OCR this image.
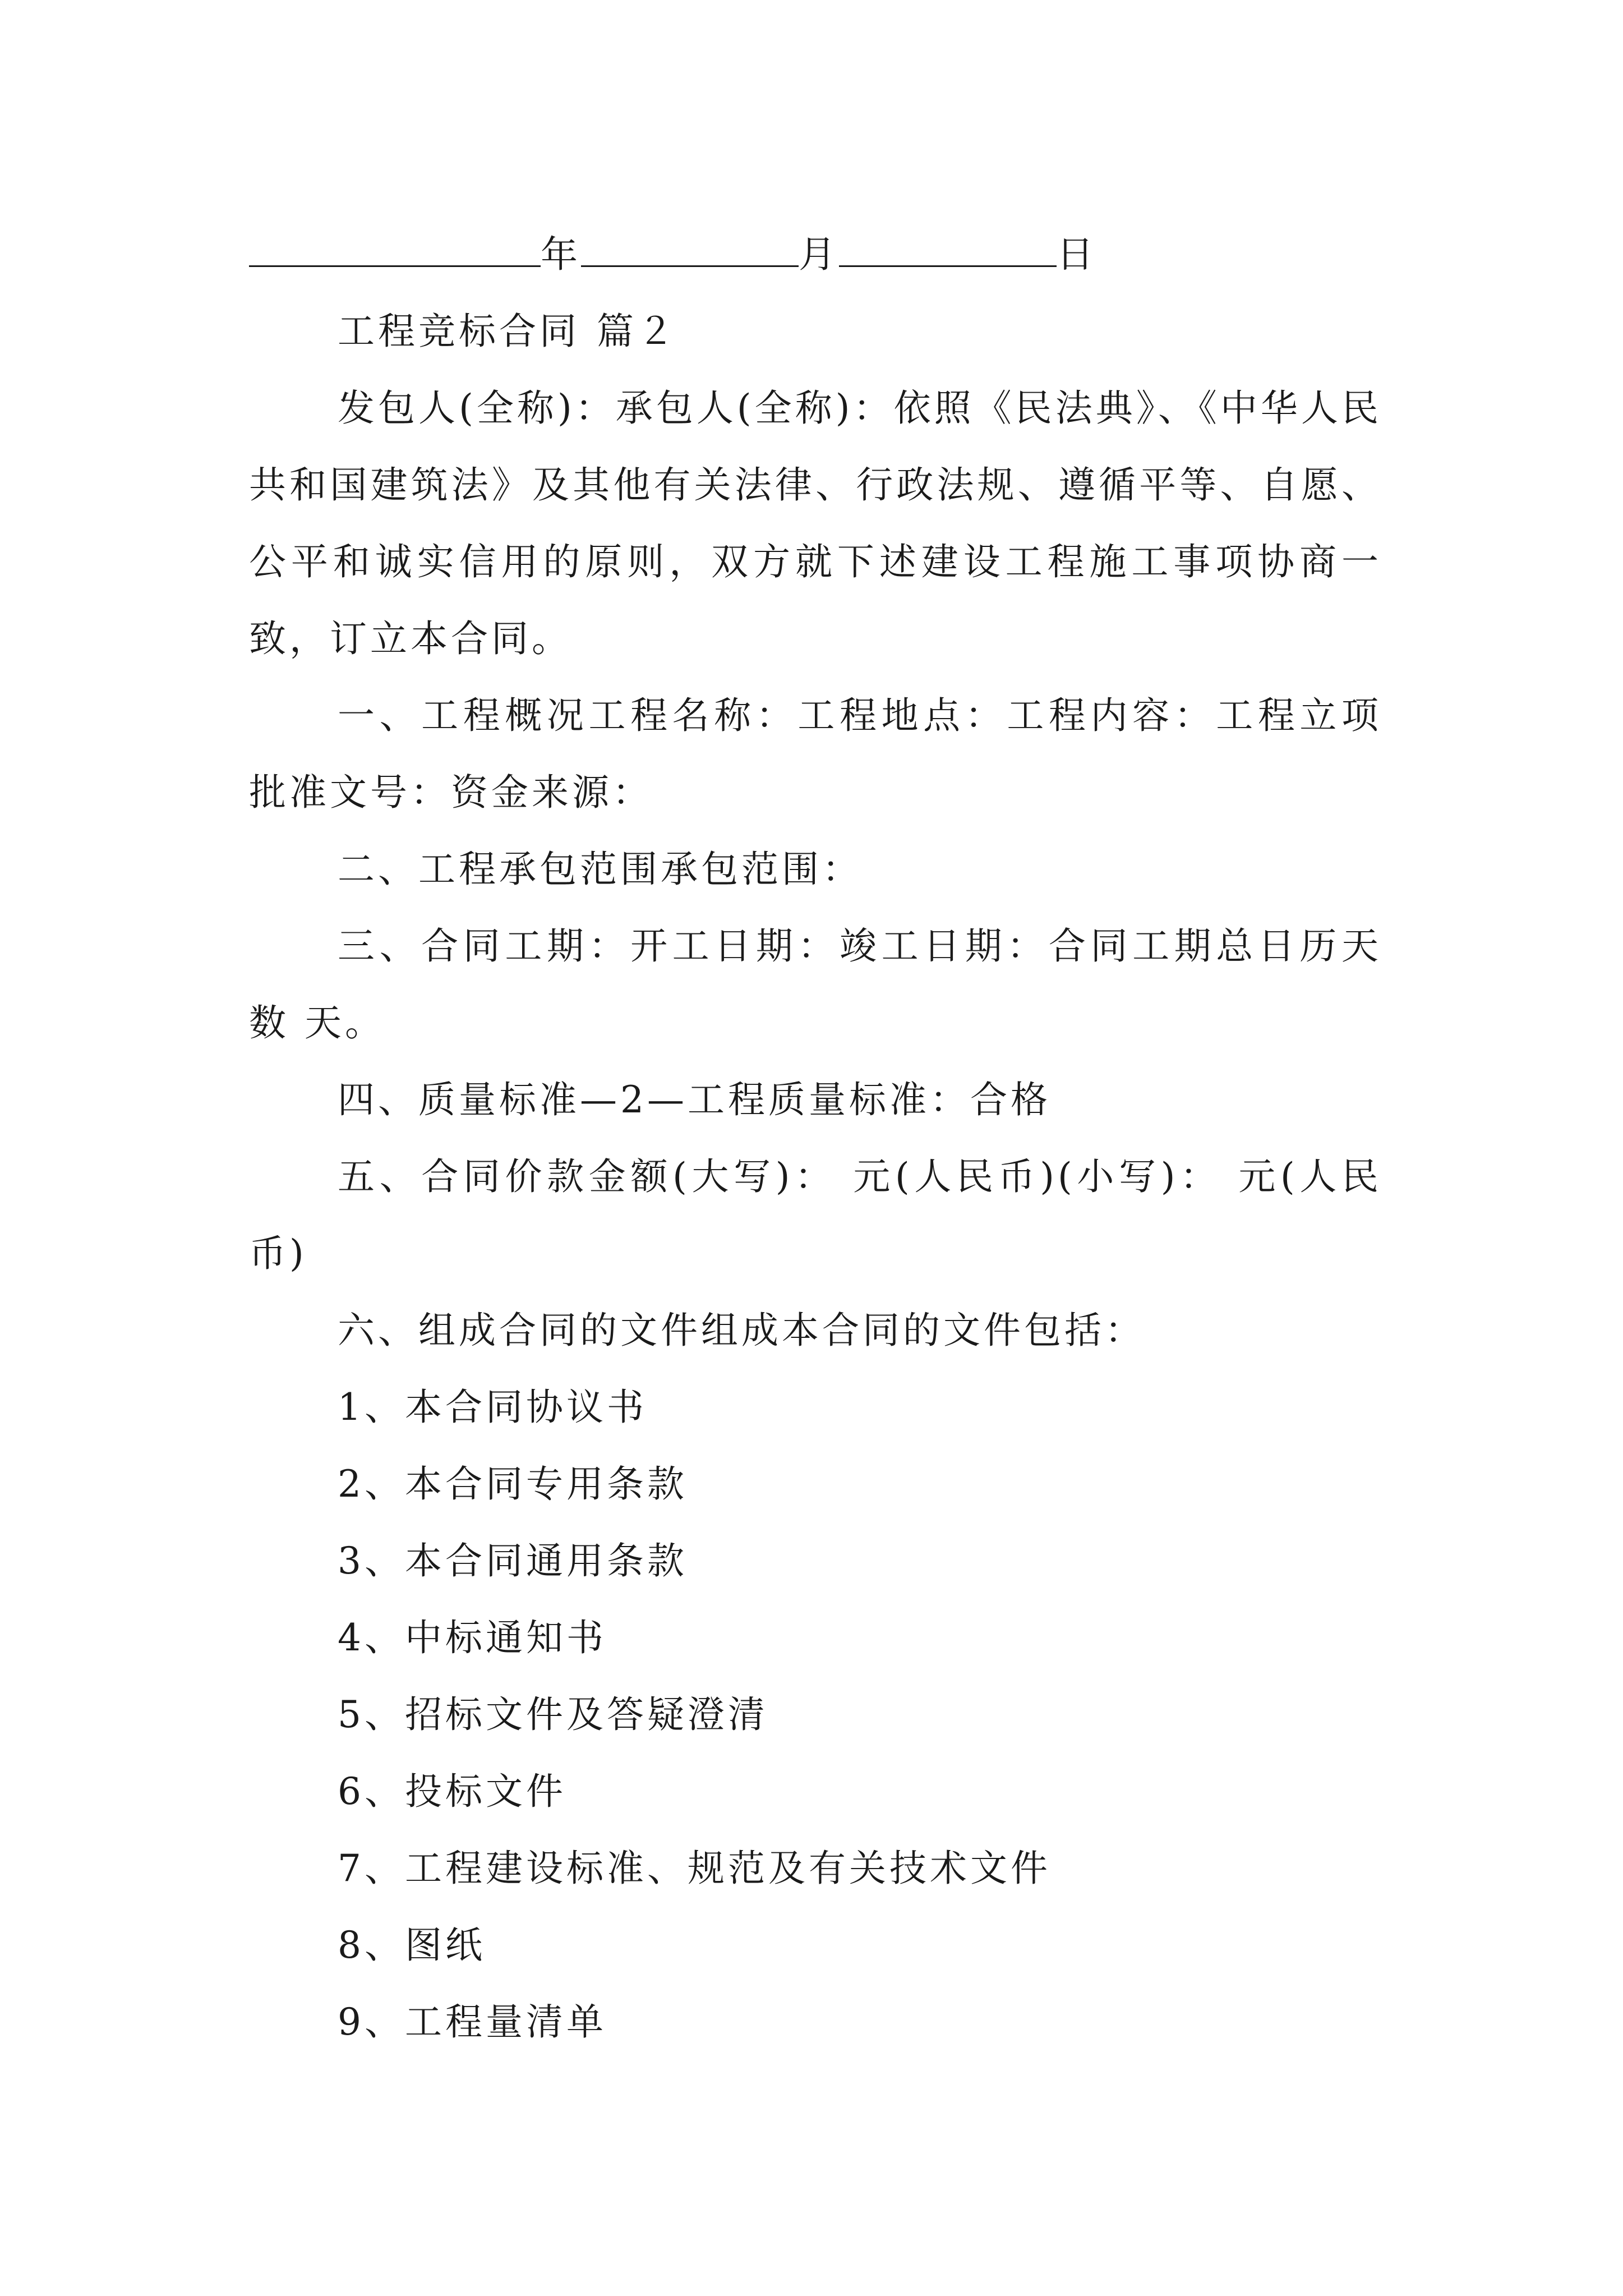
年	月	日

工程竞标合同 篇２

发包人(全称)：承包人(全称)：依照《民法典》、《中华人民共和国建筑法》及其他有关法律、行政法规、遵循平等、自愿、公平和诚实信用的原则，双方就下述建设工程施工事项协商一致，订立本合同。

一、工程概况工程名称：工程地点：工程内容：工程立项批准文号：资金来源：

二、工程承包范围承包范围：

三、合同工期：开工日期：竣工日期：合同工期总日历天数 天。

四、质量标准—2—工程质量标准：合格

五、合同价款金额(大写)： 元(人民币)(小写)： 元(人民币)

六、组成合同的文件组成本合同的文件包括：

1、本合同协议书

2、本合同专用条款

3、本合同通用条款

4、中标通知书

5、招标文件及答疑澄清

6、投标文件

7、工程建设标准、规范及有关技术文件

8、图纸

9、工程量清单
